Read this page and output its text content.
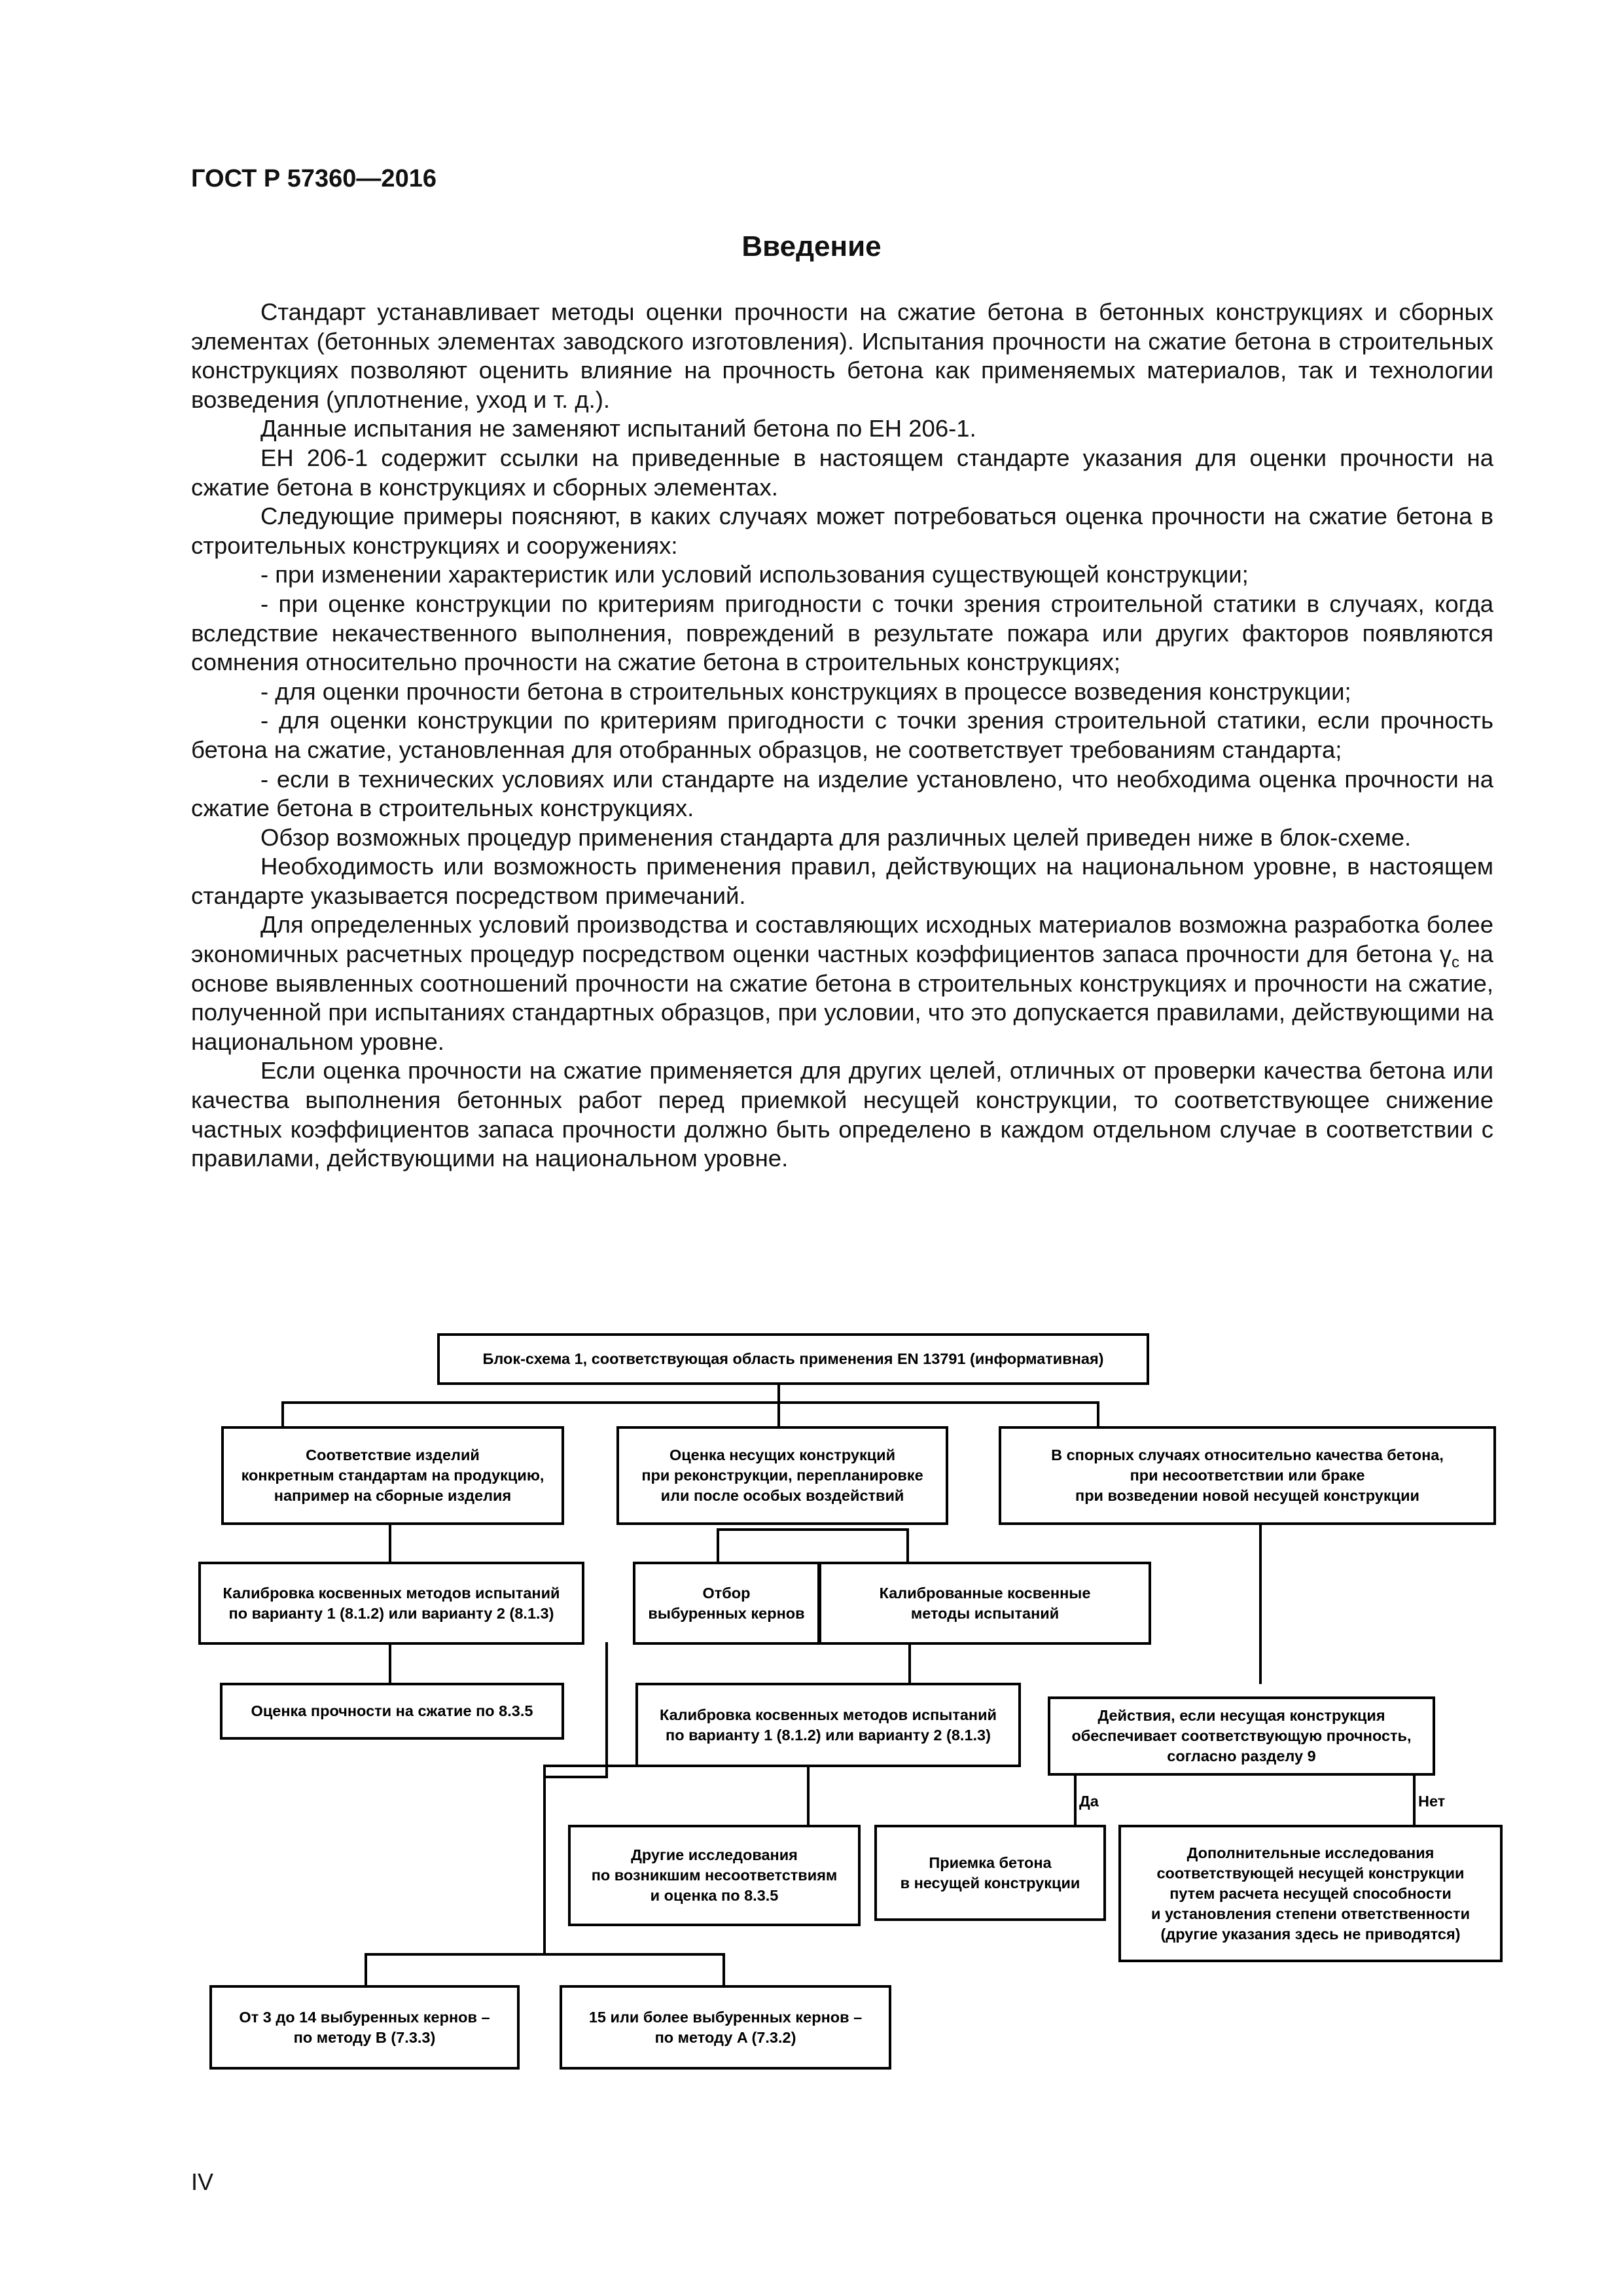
ГОСТ Р 57360—2016
Введение

Стандарт устанавливает методы оценки прочности на сжатие бетона в бетонных конструкциях и сборных элементах (бетонных элементах заводского изготовления). Испытания прочности на сжатие бетона в строительных конструкциях позволяют оценить влияние на прочность бетона как применяемых материалов, так и технологии возведения (уплотнение, уход и т. д.).

Данные испытания не заменяют испытаний бетона по ЕН 206-1.

ЕН 206-1 содержит ссылки на приведенные в настоящем стандарте указания для оценки прочности на сжатие бетона в конструкциях и сборных элементах.

Следующие примеры поясняют, в каких случаях может потребоваться оценка прочности на сжатие бетона в строительных конструкциях и сооружениях:

- при изменении характеристик или условий использования существующей конструкции;

- при оценке конструкции по критериям пригодности с точки зрения строительной статики в случаях, когда вследствие некачественного выполнения, повреждений в результате пожара или других факторов появляются сомнения относительно прочности на сжатие бетона в строительных конструкциях;

- для оценки прочности бетона в строительных конструкциях в процессе возведения конструкции;

- для оценки конструкции по критериям пригодности с точки зрения строительной статики, если прочность бетона на сжатие, установленная для отобранных образцов, не соответствует требованиям стандарта;

- если в технических условиях или стандарте на изделие установлено, что необходима оценка прочности на сжатие бетона в строительных конструкциях.

Обзор возможных процедур применения стандарта для различных целей приведен ниже в блок-схеме.

Необходимость или возможность применения правил, действующих на национальном уровне, в настоящем стандарте указывается посредством примечаний.

Для определенных условий производства и составляющих исходных материалов возможна разработка более экономичных расчетных процедур посредством оценки частных коэффициентов запаса прочности для бетона $\gamma_c$ на основе выявленных соотношений прочности на сжатие бетона в строительных конструкциях и прочности на сжатие, полученной при испытаниях стандартных образцов, при условии, что это допускается правилами, действующими на национальном уровне.

Если оценка прочности на сжатие применяется для других целей, отличных от проверки качества бетона или качества выполнения бетонных работ перед приемкой несущей конструкции, то соответствующее снижение частных коэффициентов запаса прочности должно быть определено в каждом отдельном случае в соответствии с правилами, действующими на национальном уровне.

Да	Нет
Блок-схема 1, соответствующая область применения EN 13791 (информативная)
Соответствие изделий
конкретным стандартам на продукцию,
например на сборные изделия
Оценка несущих конструкций
при реконструкции, перепланировке
или после особых воздействий
В спорных случаях относительно качества бетона,
при несоответствии или браке
при возведении новой несущей конструкции
Калибровка косвенных методов испытаний
по варианту 1 (8.1.2) или варианту 2 (8.1.3)
Отбор
выбуренных кернов
Калиброванные косвенные
методы испытаний
Оценка прочности на сжатие по 8.3.5	Калибровка косвенных методов испытаний
по варианту 1 (8.1.2) или варианту 2 (8.1.3)
Действия, если несущая конструкция
обеспечивает соответствующую прочность,
согласно разделу 9
Другие исследования
по возникшим несоответствиям
и оценка по 8.3.5
Приемка бетона
в несущей конструкции
Дополнительные исследования
соответствующей несущей конструкции
путем расчета несущей способности
и установления степени ответственности
(другие указания здесь не приводятся)
От 3 до 14 выбуренных кернов –
по методу B (7.3.3)
15 или более выбуренных кернов –
по методу A (7.3.2)
IV
